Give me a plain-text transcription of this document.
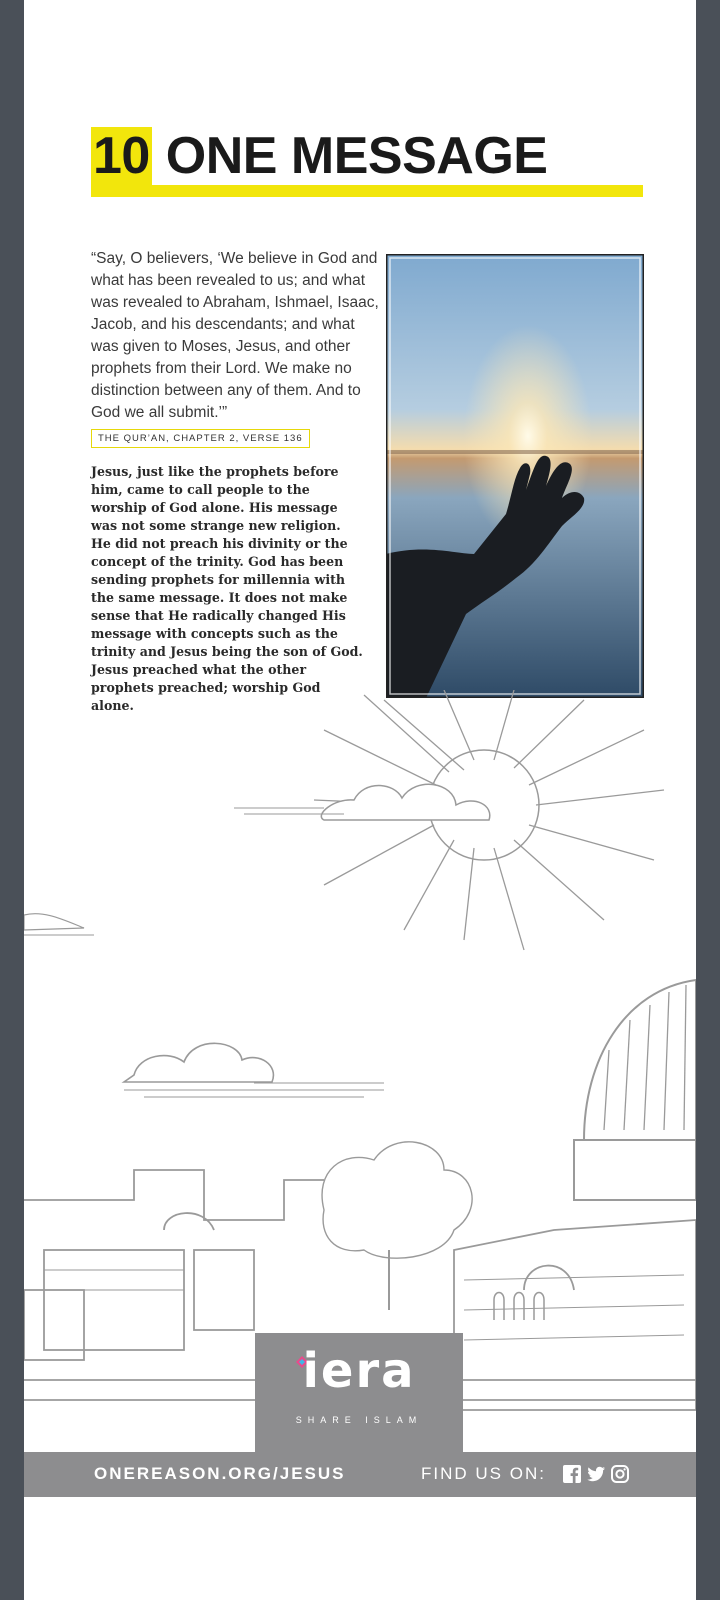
10 ONE MESSAGE

“Say, O believers, ‘We believe in God and what has been revealed to us; and what was revealed to Abraham, Ishmael, Isaac, Jacob, and his descendants; and what was given to Moses, Jesus, and other prophets from their Lord. We make no distinction between any of them. And to God we all submit.’”

THE QUR’AN, CHAPTER 2, VERSE 136

Jesus, just like the prophets before him, came to call people to the worship of God alone. His message was not some strange new religion. He did not preach his divinity or the concept of the trinity. God has been sending prophets for millennia with the same message. It does not make sense that He radically changed His message with concepts such as the trinity and Jesus being the son of God. Jesus preached what the other prophets preached; worship God alone.

iera
SHARE ISLAM
ONEREASON.ORG/JESUS	FIND US ON:
